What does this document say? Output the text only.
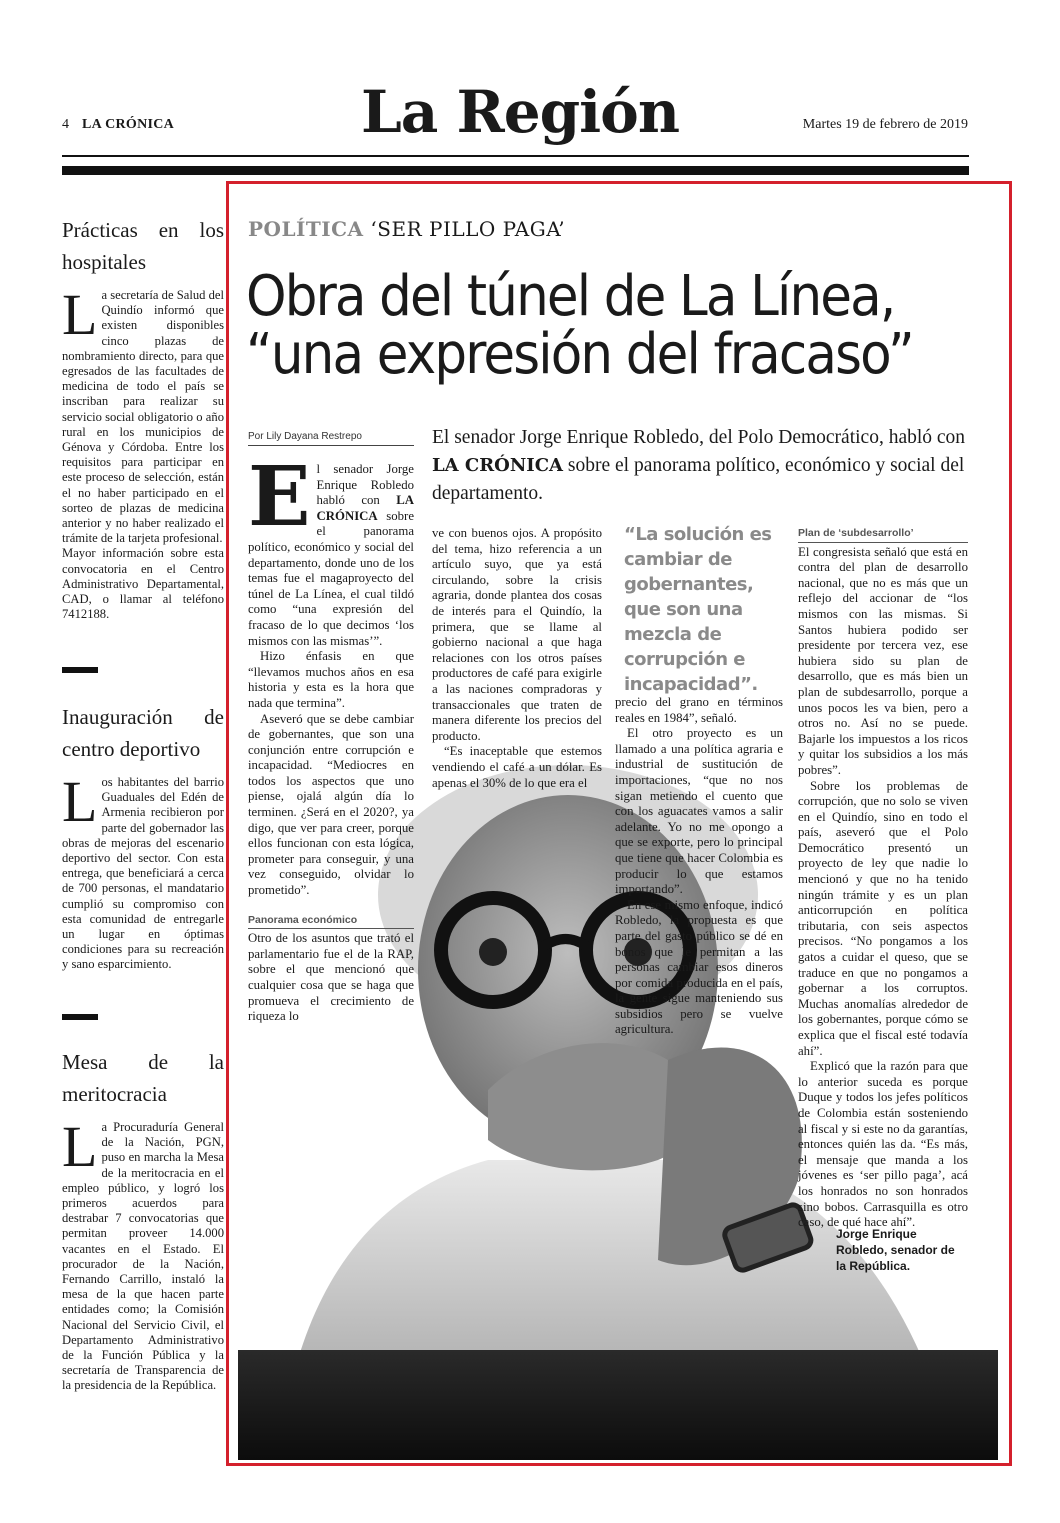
4 LA CRÓNICA	La Región	Martes 19 de febrero de 2019
Prácticas en los hospitales

La secretaría de Salud del Quindío informó que existen disponibles cinco plazas de nombramiento directo, para que egresados de las facultades de medicina de todo el país se inscriban para realizar su servicio social obligatorio o año rural en los municipios de Génova y Córdoba. Entre los requisitos para participar en este proceso de selección, están el no haber participado en el sorteo de plazas de medicina anterior y no haber realizado el trámite de la tarjeta profesional.

Mayor información sobre esta convocatoria en el Centro Administrativo Departamental, CAD, o llamar al teléfono 7412188.

Inauguración de centro deportivo

Los habitantes del barrio Guaduales del Edén de Armenia recibieron por parte del gobernador las obras de mejoras del escenario deportivo del sector. Con esta entrega, que beneficiará a cerca de 700 personas, el mandatario cumplió su compromiso con esta comunidad de entregarle un lugar en óptimas condiciones para su recreación y sano esparcimiento.

Mesa de la meritocracia

La Procuraduría General de la Nación, PGN, puso en marcha la Mesa de la meritocracia en el empleo público, y logró los primeros acuerdos para destrabar 7 convocatorias que permitan proveer 14.000 vacantes en el Estado. El procurador de la Nación, Fernando Carrillo, instaló la mesa de la que hacen parte entidades como; la Comisión Nacional del Servicio Civil, el Departamento Administrativo de la Función Pública y la secretaría de Transparencia de la presidencia de la República.

POLÍTICA ‘SER PILLO PAGA’
Obra del túnel de La Línea,
“una expresión del fracaso”
Por Lily Dayana Restrepo	El senador Jorge Enrique Robledo, del Polo Democrático, habló con LA CRÓNICA sobre el panorama político, económico y social del departamento.
Jorge Enrique Robledo, senador de la República.

El senador Jorge Enrique Robledo habló con LA CRÓNICA sobre el panorama político, económico y social del departamento, donde uno de los temas fue el magaproyecto del túnel de La Línea, el cual tildó como “una expresión del fracaso de lo que decimos ‘los mismos con las mismas’”.

Hizo énfasis en que “llevamos muchos años en esa historia y esta es la hora que nada que termina”.

Aseveró que se debe cambiar de gobernantes, que son una conjunción entre corrupción e incapacidad. “Mediocres en todos los aspectos que uno piense, ojalá algún día lo terminen. ¿Será en el 2020?, ya digo, que ver para creer, porque ellos funcionan con esta lógica, prometer para conseguir, y una vez conseguido, olvidar lo prometido”.

Panorama económico

Otro de los asuntos que trató el parlamentario fue el de la RAP, sobre el que mencionó que cualquier cosa que se haga que promueva el crecimiento de riqueza lo

ve con buenos ojos. A propósito del tema, hizo referencia a un artículo suyo, que ya está circulando, sobre la crisis agraria, donde plantea dos cosas de interés para el Quindío, la primera, que se llame al gobierno nacional a que haga relaciones con los otros países productores de café para exigirle a las naciones compradoras y transaccionales que traten de manera diferente los precios del producto.

“Es inaceptable que estemos vendiendo el café a un dólar. Es apenas el 30% de lo que era el

“La solución es cambiar de gobernantes, que son una mezcla de corrupción e incapacidad”.

precio del grano en términos reales en 1984”, señaló.

El otro proyecto es un llamado a una política agraria e industrial de sustitución de importaciones, “que no nos sigan metiendo el cuento que con los aguacates vamos a salir adelante. Yo no me opongo a que se exporte, pero lo principal que tiene que hacer Colombia es producir lo que estamos importando”.

En ese mismo enfoque, indicó Robledo, la propuesta es que parte del gasto público se dé en bonos que le permitan a las personas cambiar esos dineros por comida producida en el país, la gente sigue manteniendo sus subsidios pero se vuelve agricultura.

Plan de ‘subdesarrollo’

El congresista señaló que está en contra del plan de desarrollo nacional, que no es más que un reflejo del accionar de “los mismos con las mismas. Si Santos hubiera podido ser presidente por tercera vez, ese hubiera sido su plan de desarrollo, que es más bien un plan de subdesarrollo, porque a unos pocos les va bien, pero a otros no. Así no se puede. Bajarle los impuestos a los ricos y quitar los subsidios a los más pobres”.

Sobre los problemas de corrupción, que no solo se viven en el Quindío, sino en todo el país, aseveró que el Polo Democrático presentó un proyecto de ley que nadie lo mencionó y que no ha tenido ningún trámite y es un plan anticorrupción en política tributaria, con seis aspectos precisos. “No pongamos a los gatos a cuidar el queso, que se traduce en que no pongamos a gobernar a los corruptos. Muchas anomalías alrededor de los gobernantes, porque cómo se explica que el fiscal esté todavía ahí”.

Explicó que la razón para que lo anterior suceda es porque Duque y todos los jefes políticos de Colombia están sosteniendo al fiscal y si este no da garantías, entonces quién las da. “Es más, el mensaje que manda a los jóvenes es ‘ser pillo paga’, acá los honrados no son honrados sino bobos. Carrasquilla es otro caso, de qué hace ahí”.
